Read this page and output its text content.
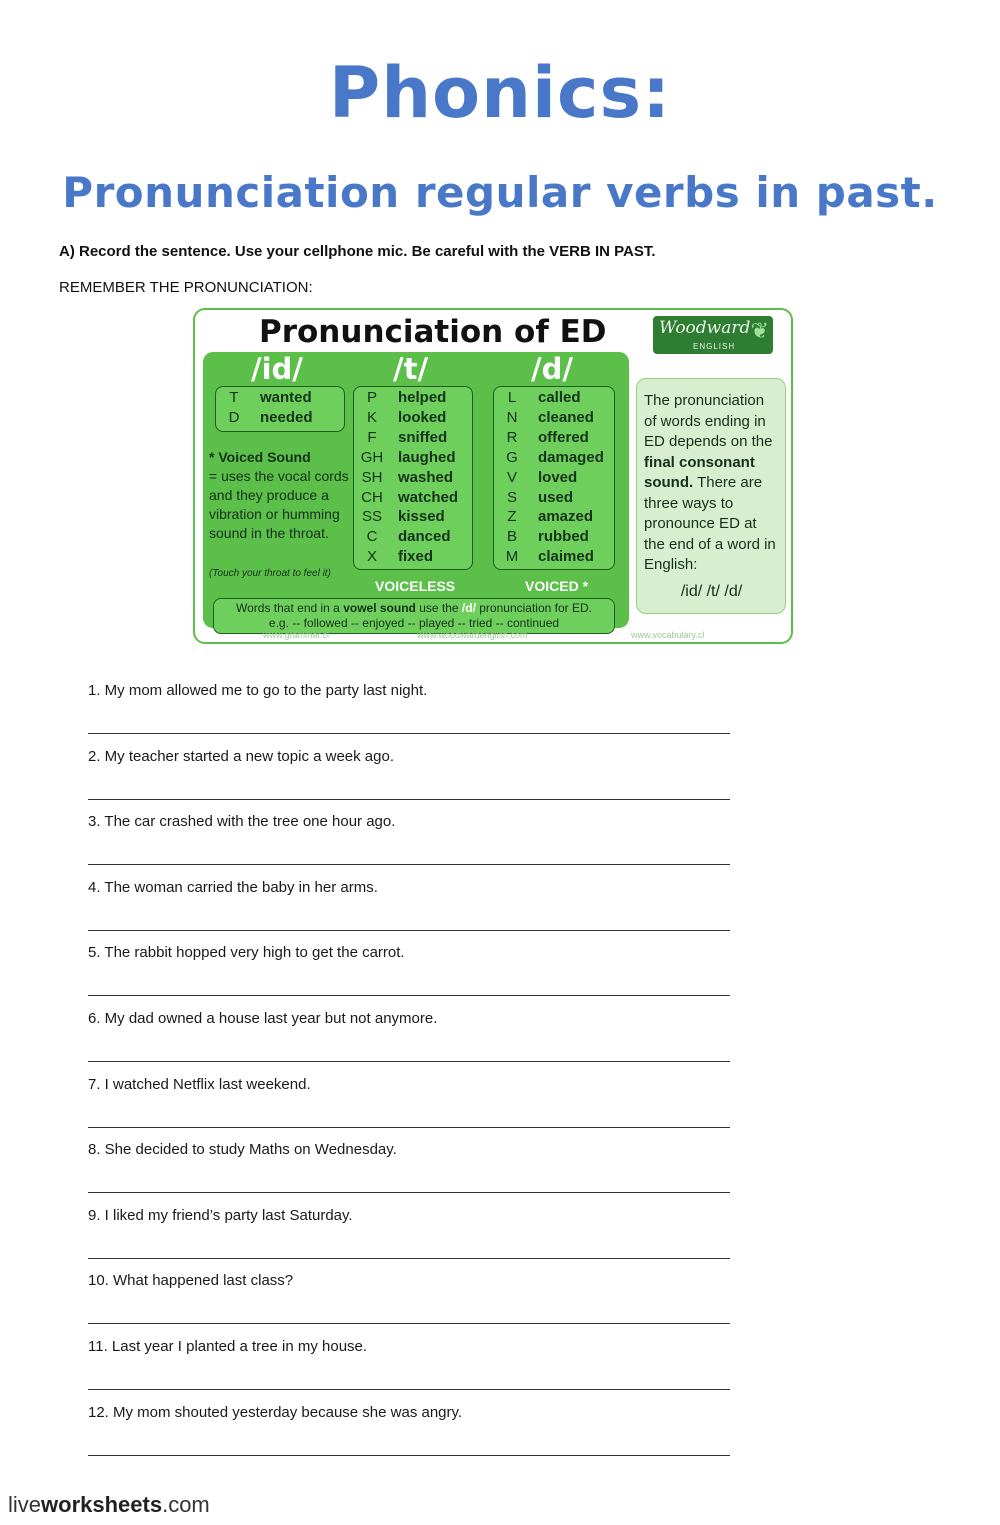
Phonics:
Pronunciation regular verbs in past.
A) Record the sentence. Use your cellphone mic. Be careful with the VERB IN PAST.
REMEMBER THE PRONUNCIATION:
Pronunciation of ED	Woodward
ENGLISH
❦
/id/	/t/	/d/
T	wanted
D	needed
P	helped
K	looked
F	sniffed
GH laughed
SH	washed
CH	watched
SS	kissed
C	danced
X	fixed
L	called
N	cleaned
R	offered
G	damaged
V	loved
S	used
Z	amazed
B	rubbed
M	claimed
* Voiced Sound
= uses the vocal cords and they produce a vibration or humming sound in the throat.
(Touch your throat to feel it)
VOICELESS	VOICED *
Words that end in a vowel sound use the /d/ pronunciation for ED.
e.g. -- followed -- enjoyed -- played -- tried -- continued
www.grammar.cl	www.woodwardenglish.com	www.vocabulary.cl
The pronunciation of words ending in ED depends on the final consonant sound. There are three ways to pronounce ED at the end of a word in English:
/id/ /t/ /d/
1. My mom allowed me to go to the party last night.
2. My teacher started a new topic a week ago.
3. The car crashed with the tree one hour ago.
4. The woman carried the baby in her arms.
5. The rabbit hopped very high to get the carrot.
6. My dad owned a house last year but not anymore.
7. I watched Netflix last weekend.
8. She decided to study Maths on Wednesday.
9. I liked my friend’s party last Saturday.
10. What happened last class?
11. Last year I planted a tree in my house.
12. My mom shouted yesterday because she was angry.
liveworksheets.com
